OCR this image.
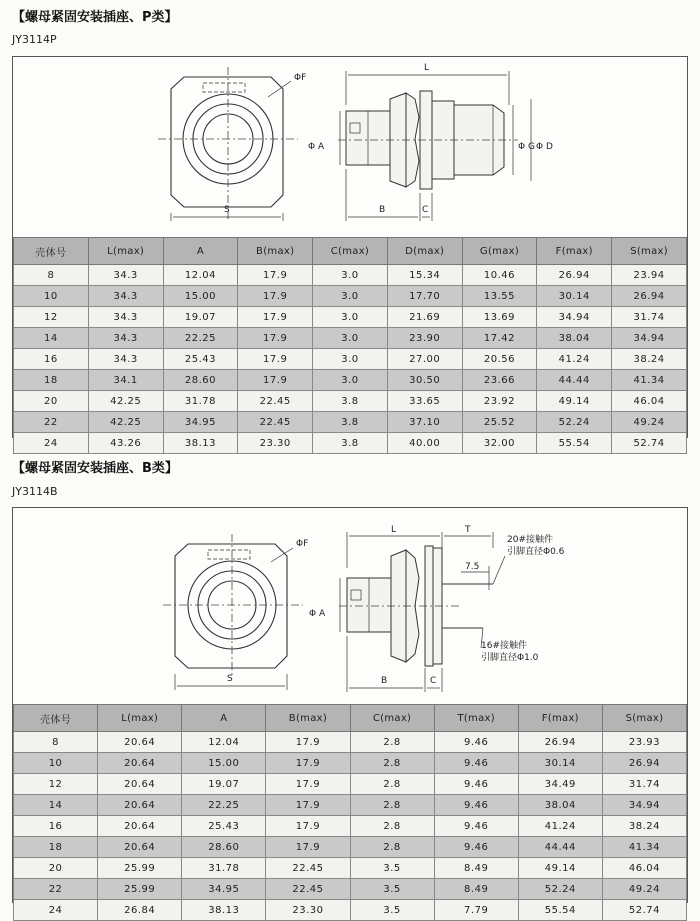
【螺母紧固安装插座、P类】
JY3114P
ΦF
S
L
Φ A	Φ G Φ D
B	C
壳体号	L(max)	A	B(max)	C(max)	D(max)	G(max)	F(max)	S(max)
8	34.3	12.04	17.9	3.0	15.34	10.46	26.94	23.94
10	34.3	15.00	17.9	3.0	17.70	13.55	30.14	26.94
12	34.3	19.07	17.9	3.0	21.69	13.69	34.94	31.74
14	34.3	22.25	17.9	3.0	23.90	17.42	38.04	34.94
16	34.3	25.43	17.9	3.0	27.00	20.56	41.24	38.24
18	34.1	28.60	17.9	3.0	30.50	23.66	44.44	41.34
20	42.25	31.78	22.45	3.8	33.65	23.92	49.14	46.04
22	42.25	34.95	22.45	3.8	37.10	25.52	52.24	49.24
24	43.26	38.13	23.30	3.8	40.00	32.00	55.54	52.74
【螺母紧固安装插座、B类】
JY3114B
ΦF
S
L	T
Φ A
7.5
20#接触件
引脚直径Φ0.6
16#接触件
引脚直径Φ1.0
B	C
壳体号	L(max)	A	B(max)	C(max)	T(max)	F(max)	S(max)
8	20.64	12.04	17.9	2.8	9.46	26.94	23.93
10	20.64	15.00	17.9	2.8	9.46	30.14	26.94
12	20.64	19.07	17.9	2.8	9.46	34.49	31.74
14	20.64	22.25	17.9	2.8	9.46	38.04	34.94
16	20.64	25.43	17.9	2.8	9.46	41.24	38.24
18	20.64	28.60	17.9	2.8	9.46	44.44	41.34
20	25.99	31.78	22.45	3.5	8.49	49.14	46.04
22	25.99	34.95	22.45	3.5	8.49	52.24	49.24
24	26.84	38.13	23.30	3.5	7.79	55.54	52.74
